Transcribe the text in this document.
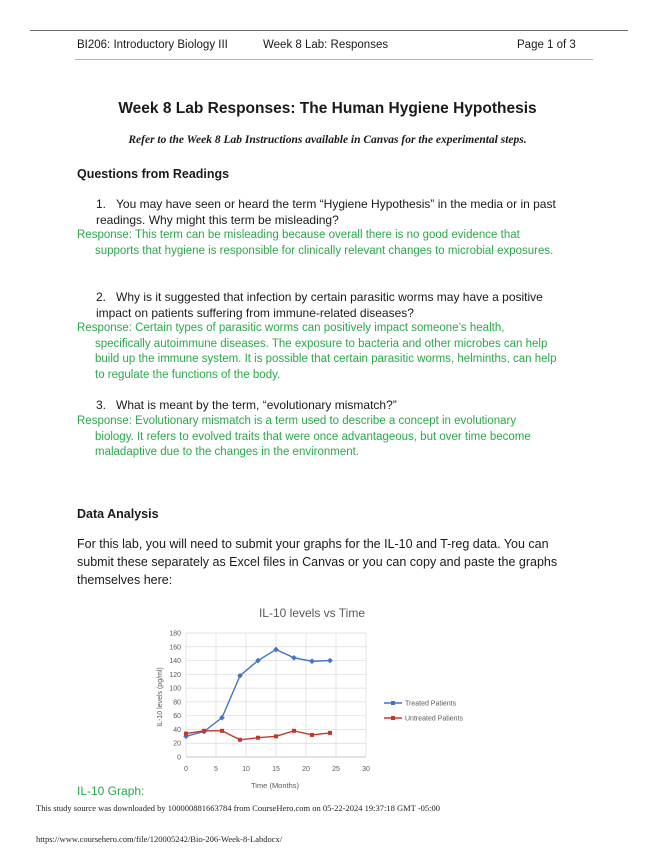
BI206: Introductory Biology III	Week 8 Lab: Responses	Page 1 of 3
Week 8 Lab Responses: The Human Hygiene Hypothesis
Refer to the Week 8 Lab Instructions available in Canvas for the experimental steps.
Questions from Readings
1. You may have seen or heard the term “Hygiene Hypothesis” in the media or in past
readings. Why might this term be misleading?
Response: This term can be misleading because overall there is no good evidence that
supports that hygiene is responsible for clinically relevant changes to microbial exposures.
2. Why is it suggested that infection by certain parasitic worms may have a positive
impact on patients suffering from immune-related diseases?
Response: Certain types of parasitic worms can positively impact someone’s health,
specifically autoimmune diseases. The exposure to bacteria and other microbes can help build up the immune system. It is possible that certain parasitic worms, helminths, can help to regulate the functions of the body.
3. What is meant by the term, “evolutionary mismatch?”
Response: Evolutionary mismatch is a term used to describe a concept in evolutionary
biology. It refers to evolved traits that were once advantageous, but over time become maladaptive due to the changes in the environment.
Data Analysis
For this lab, you will need to submit your graphs for the IL-10 and T-reg data. You can submit these separately as Excel files in Canvas or you can copy and paste the graphs themselves here:
0
20
40
60
80
100
120
140
160
180
0	5	10	15	20	25	30
Treated Patients
Untreated Patients
IL-10 levels vs Time
Time (Months)
IL-10 levels (pg/ml)
IL-10 Graph:
This study source was downloaded by 100000881663784 from CourseHero.com on 05-22-2024 19:37:18 GMT -05:00
https://www.coursehero.com/file/120005242/Bio-206-Week-8-Labdocx/
